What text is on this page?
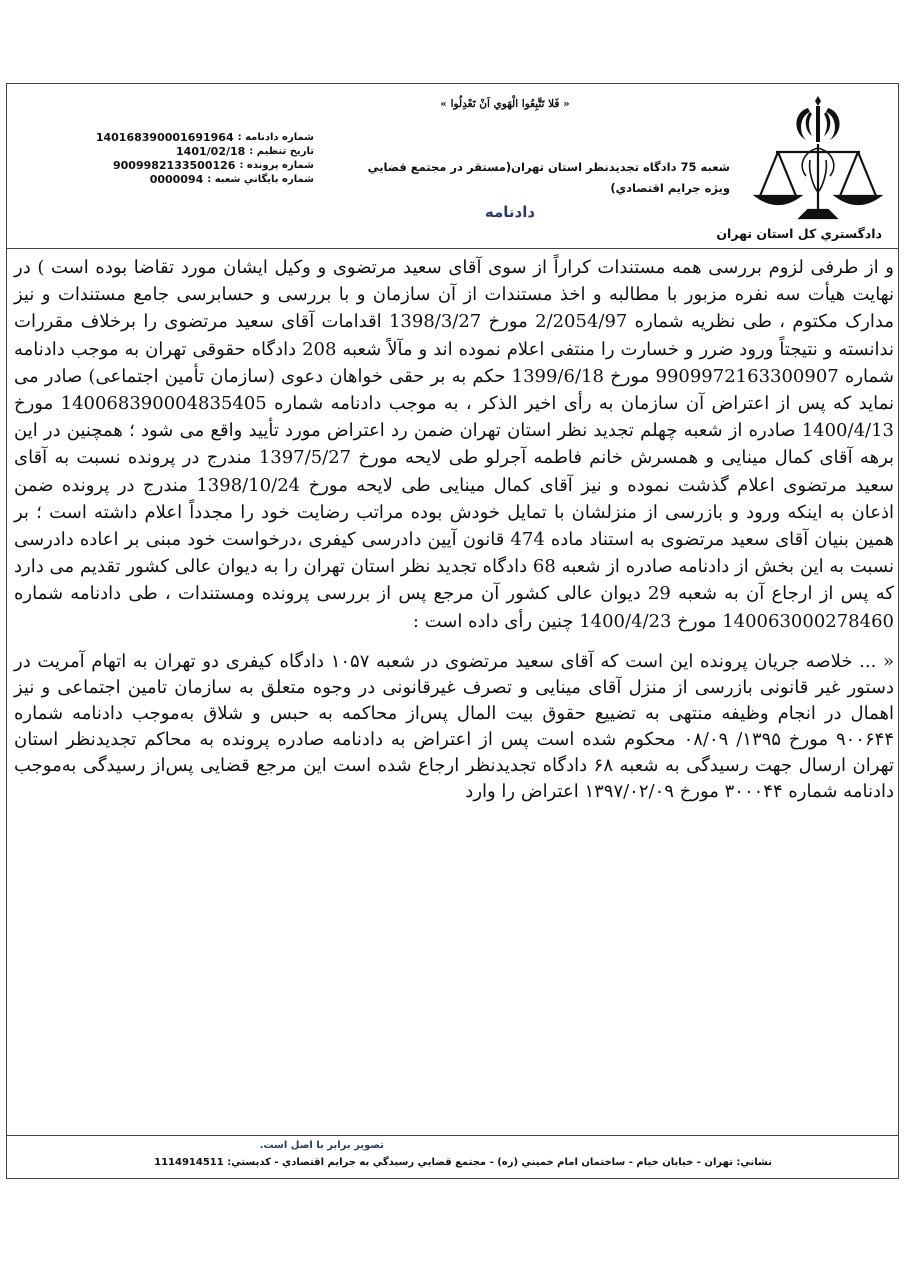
دادگستري كل استان تهران
« فَلا تَتَّبِعُوا الْهَوي اَنْ تَعْدِلُوا »
شعبه 75 دادگاه تجديدنظر استان تهران(مستقر در مجتمع قضايي
ويژه جرايم اقتصادي)
دادنامه
شماره دادنامه :
140168390001691964
تاريخ تنظيم :
1401/02/18
شماره پرونده :
9009982133500126
شماره بايگاني شعبه :
0000094

و از طرفی لزوم بررسی همه مستندات کراراً از سوی آقای سعید مرتضوی و وکیل ایشان مورد تقاضا بوده است ) در نهایت هیأت سه نفره مزبور با مطالبه و اخذ مستندات از آن سازمان و با بررسی و حسابرسی جامع مستندات و نیز مدارک مکتوم ، طی نظریه شماره 2/2054/97 مورخ 1398/3/27 اقدامات آقای سعید مرتضوی را برخلاف مقررات ندانسته و نتیجتاً ورود ضرر و خسارت را منتفی اعلام نموده اند و مآلاً شعبه 208 دادگاه حقوقی تهران به موجب دادنامه شماره 9909972163300907 مورخ 1399/6/18 حکم به بر حقی خواهان دعوی (سازمان تأمین اجتماعی) صادر می نماید که پس از اعتراض آن سازمان به رأی اخیر الذکر ، به موجب دادنامه شماره 140068390004835405 مورخ 1400/4/13 صادره از شعبه چهلم تجدید نظر استان تهران ضمن رد اعتراض مورد تأیید واقع می شود ؛ همچنین در این برهه آقای کمال مینایی و همسرش خانم فاطمه آجرلو طی لایحه مورخ 1397/5/27 مندرج در پرونده نسبت به آقای سعید مرتضوی اعلام گذشت نموده و نیز آقای کمال مینایی طی لایحه مورخ 1398/10/24 مندرج در پرونده ضمن اذعان به اینکه ورود و بازرسی از منزلشان با تمایل خودش بوده مراتب رضایت خود را مجدداً اعلام داشته است ؛ بر همین بنیان آقای سعید مرتضوی به استناد ماده 474 قانون آیین دادرسی کیفری ،درخواست خود مبنی بر اعاده دادرسی نسبت به این بخش از دادنامه صادره از شعبه 68 دادگاه تجدید نظر استان تهران را به دیوان عالی کشور تقدیم می دارد که پس از ارجاع آن به شعبه 29 دیوان عالی کشور آن مرجع پس از بررسی پرونده ومستندات ، طی دادنامه شماره 140063000278460 مورخ 1400/4/23 چنین رأی داده است :

« ... خلاصه جریان پرونده این است که آقای سعید مرتضوی در شعبه ۱۰۵۷ دادگاه کیفری دو تهران به اتهام آمریت در دستور غیر قانونی بازرسی از منزل آقای مینایی و تصرف غیرقانونی در وجوه متعلق به سازمان تامین اجتماعی و نیز اهمال در انجام وظیفه منتهی به تضییع حقوق بیت المال پس‌از محاکمه به حبس و شلاق به‌موجب دادنامه شماره ۹۰۰۶۴۴ مورخ ۱۳۹۵/ ۰۸/۰۹ محکوم شده است پس از اعتراض به دادنامه صادره پرونده به محاکم تجدیدنظر استان تهران ارسال جهت رسیدگی به شعبه ۶۸ دادگاه تجدیدنظر ارجاع شده است این مرجع قضایی پس‌از رسیدگی به‌موجب دادنامه شماره ۳۰۰۰۴۴ مورخ ۱۳۹۷/۰۲/۰۹ اعتراض را وارد

تصوير برابر با اصل است.
نشاني: تهران - خيابان خيام - ساختمان امام خميني (ره) - مجتمع قضايي رسيدگي به جرايم اقتصادي - كدپستي: 1114914511
